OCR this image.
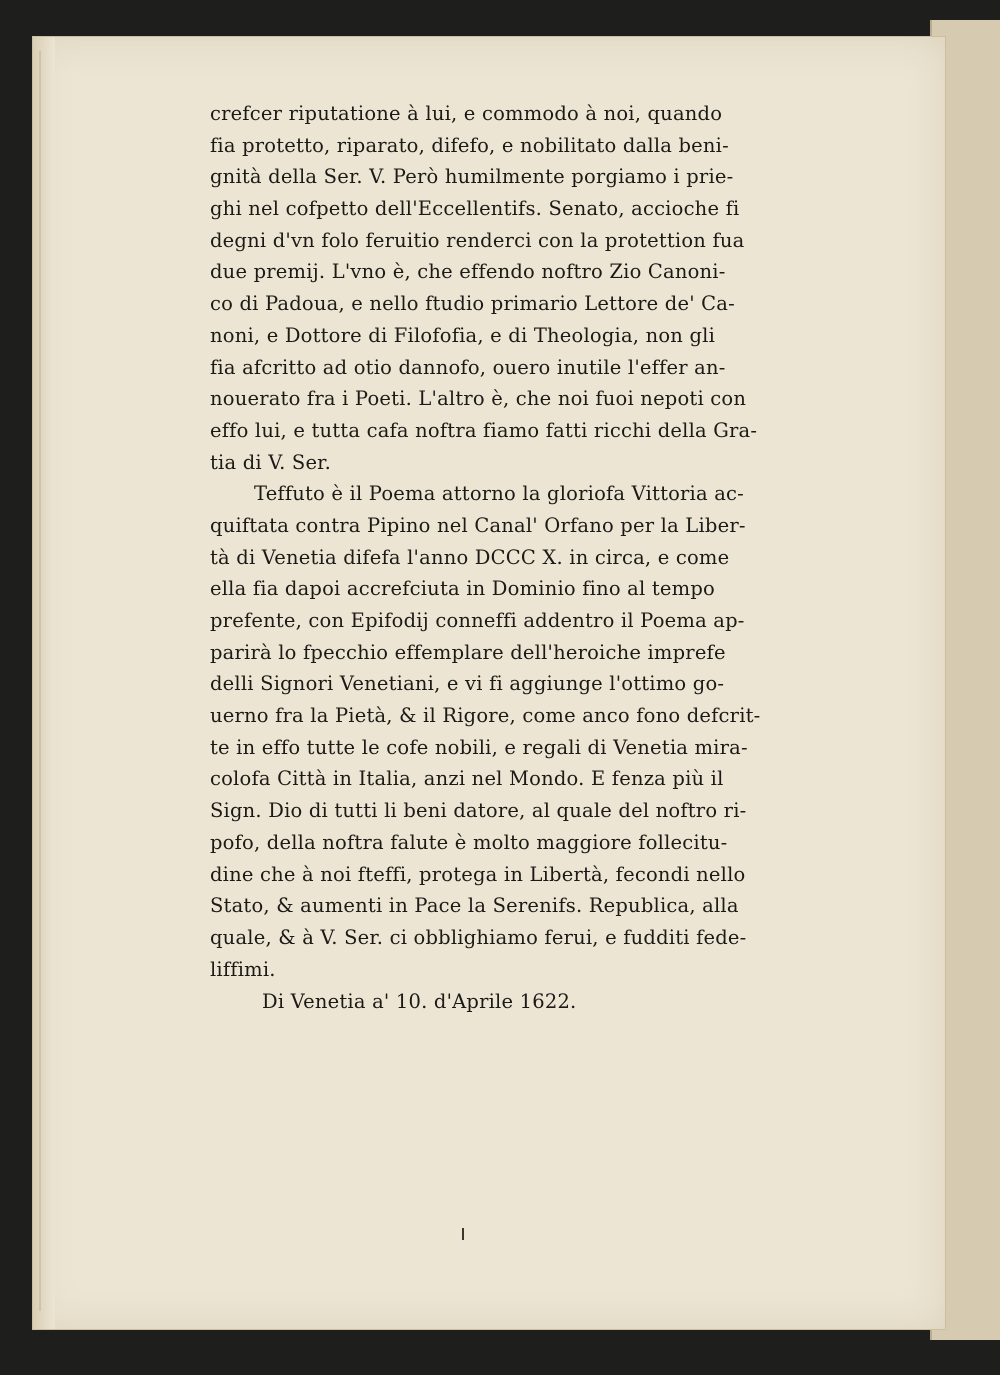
crefcer riputatione à lui, e commodo à noi, quando

fia protetto, riparato, difefo, e nobilitato dalla beni-

gnità della Ser. V. Però humilmente porgiamo i prie-

ghi nel cofpetto dell'Eccellentifs. Senato, accioche fi

degni d'vn folo feruitio renderci con la protettion fua

due premij. L'vno è, che effendo noftro Zio Canoni-

co di Padoua, e nello ftudio primario Lettore de' Ca-

noni, e Dottore di Filofofia, e di Theologia, non gli

fia afcritto ad otio dannofo, ouero inutile l'effer an-

nouerato fra i Poeti. L'altro è, che noi fuoi nepoti con

effo lui, e tutta cafa noftra fiamo fatti ricchi della Gra-

tia di V. Ser.

Teffuto è il Poema attorno la gloriofa Vittoria ac-

quiftata contra Pipino nel Canal' Orfano per la Liber-

tà di Venetia difefa l'anno DCCC X. in circa, e come

ella fia dapoi accrefciuta in Dominio fino al tempo

prefente, con Epifodij conneffi addentro il Poema ap-

parirà lo fpecchio effemplare dell'heroiche imprefe

delli Signori Venetiani, e vi fi aggiunge l'ottimo go-

uerno fra la Pietà, & il Rigore, come anco fono defcrit-

te in effo tutte le cofe nobili, e regali di Venetia mira-

colofa Città in Italia, anzi nel Mondo. E fenza più il

Sign. Dio di tutti li beni datore, al quale del noftro ri-

pofo, della noftra falute è molto maggiore follecitu-

dine che à noi fteffi, protega in Libertà, fecondi nello

Stato, & aumenti in Pace la Serenifs. Republica, alla

quale, & à V. Ser. ci obblighiamo ferui, e fudditi fede-

liffimi.

Di Venetia a' 10. d'Aprile 1622.
